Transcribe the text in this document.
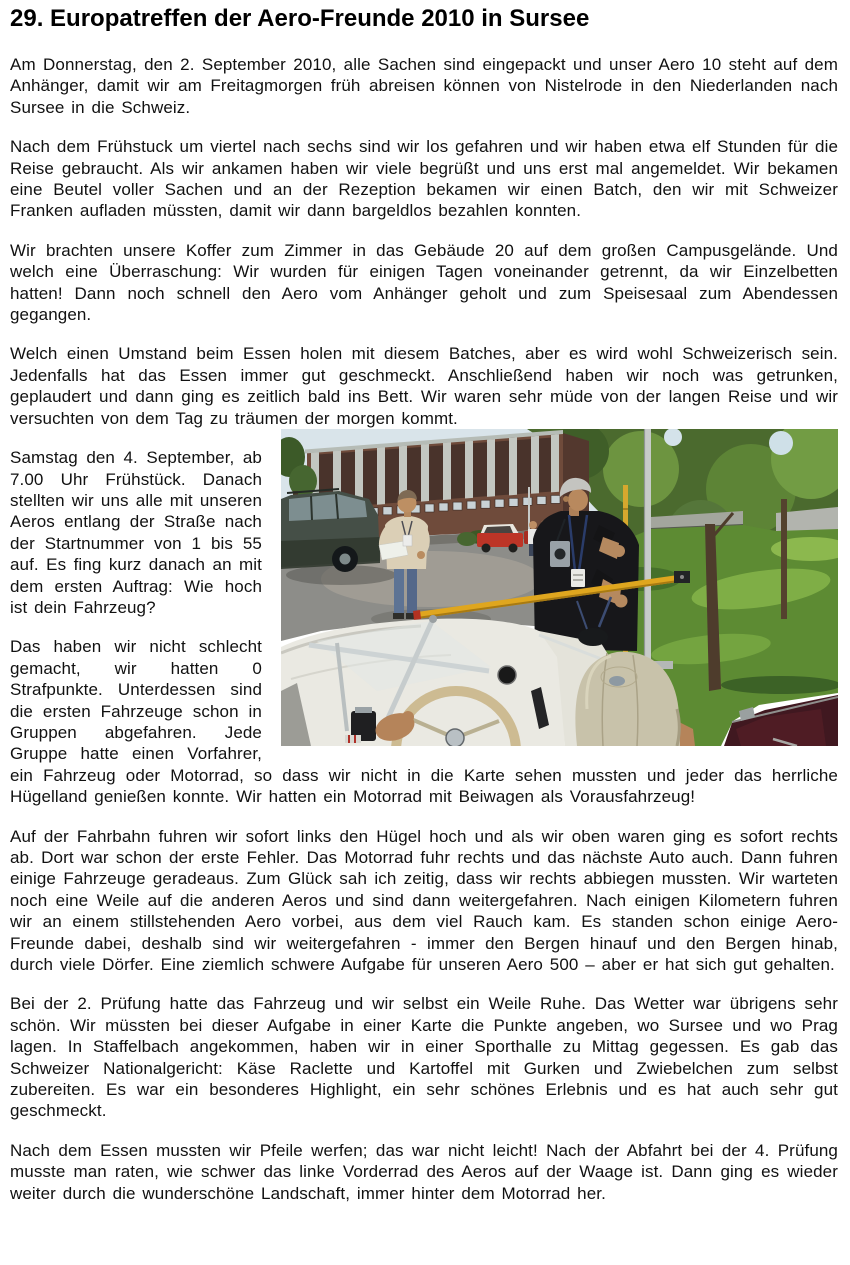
29. Europatreffen der Aero-Freunde 2010 in Sursee

Am Donnerstag, den 2. September 2010, alle Sachen sind eingepackt und unser Aero 10 steht auf dem Anhänger, damit wir am Freitagmorgen früh abreisen können von Nistelrode in den Niederlanden nach Sursee in die Schweiz.

Nach dem Frühstuck um viertel nach sechs sind wir los gefahren und wir haben etwa elf Stunden für die Reise gebraucht. Als wir ankamen haben wir viele begrüßt und uns erst mal angemeldet. Wir bekamen eine Beutel voller Sachen und an der Rezeption bekamen wir einen Batch, den wir mit Schweizer Franken aufladen müssten, damit wir dann bargeldlos bezahlen konnten.

Wir brachten unsere Koffer zum Zimmer in das Gebäude 20 auf dem großen Campusgelände. Und welch eine Überraschung: Wir wurden für einigen Tagen voneinander getrennt, da wir Einzelbetten hatten! Dann noch schnell den Aero vom Anhänger geholt und zum Speisesaal zum Abendessen gegangen.

Welch einen Umstand beim Essen holen mit diesem Batches, aber es wird wohl Schweizerisch sein. Jedenfalls hat das Essen immer gut geschmeckt. Anschließend haben wir noch was getrunken, geplaudert und dann ging es zeitlich bald ins Bett. Wir waren sehr müde von der langen Reise und wir versuchten von dem Tag zu träumen der morgen kommt.

Samstag den 4. September, ab 7.00 Uhr Frühstück. Danach stellten wir uns alle mit unseren Aeros entlang der Straße nach der Startnummer von 1 bis 55 auf. Es fing kurz danach an mit dem ersten Auftrag: Wie hoch ist dein Fahrzeug?

Das haben wir nicht schlecht gemacht, wir hatten 0 Strafpunkte. Unterdessen sind die ersten Fahrzeuge schon in Gruppen abgefahren. Jede Gruppe hatte einen Vorfahrer, ein Fahrzeug oder Motorrad, so dass wir nicht in die Karte sehen mussten und jeder das herrliche Hügelland genießen konnte. Wir hatten ein Motorrad mit Beiwagen als Vorausfahrzeug!

Auf der Fahrbahn fuhren wir sofort links den Hügel hoch und als wir oben waren ging es sofort rechts ab. Dort war schon der erste Fehler. Das Motorrad fuhr rechts und das nächste Auto auch. Dann fuhren einige Fahrzeuge geradeaus. Zum Glück sah ich zeitig, dass wir rechts abbiegen mussten. Wir warteten noch eine Weile auf die anderen Aeros und sind dann weitergefahren. Nach einigen Kilometern fuhren wir an einem stillstehenden Aero vorbei, aus dem viel Rauch kam. Es standen schon einige Aero-Freunde dabei, deshalb sind wir weitergefahren - immer den Bergen hinauf und den Bergen hinab, durch viele Dörfer. Eine ziemlich schwere Aufgabe für unseren Aero 500 – aber er hat sich gut gehalten.

Bei der 2. Prüfung hatte das Fahrzeug und wir selbst ein Weile Ruhe. Das Wetter war übrigens sehr schön. Wir müssten bei dieser Aufgabe in einer Karte die Punkte angeben, wo Sursee und wo Prag lagen. In Staffelbach angekommen, haben wir in einer Sporthalle zu Mittag gegessen. Es gab das Schweizer Nationalgericht: Käse Raclette und Kartoffel mit Gurken und Zwiebelchen zum selbst zubereiten. Es war ein besonderes Highlight, ein sehr schönes Erlebnis und es hat auch sehr gut geschmeckt.

Nach dem Essen mussten wir Pfeile werfen; das war nicht leicht! Nach der Abfahrt bei der 4. Prüfung musste man raten, wie schwer das linke Vorderrad des Aeros auf der Waage ist. Dann ging es wieder weiter durch die wunderschöne Landschaft, immer hinter dem Motorrad her.
